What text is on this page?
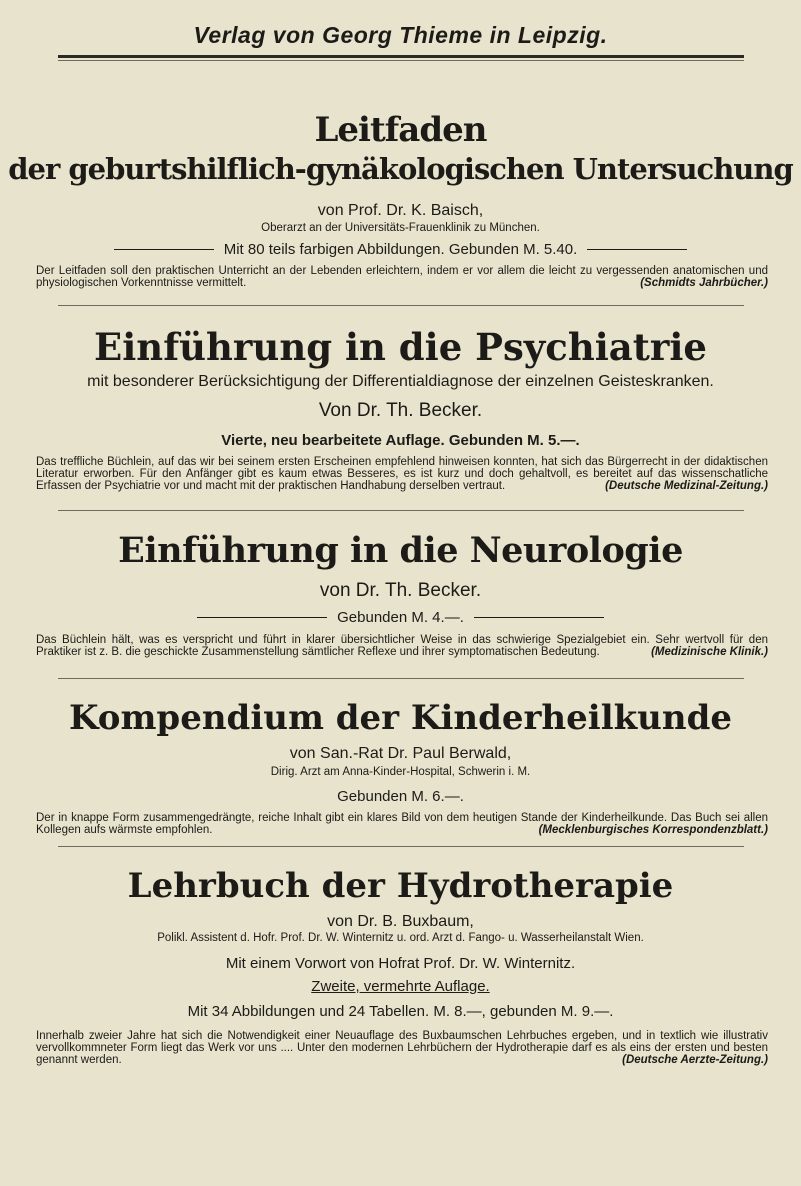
Verlag von Georg Thieme in Leipzig.
Leitfaden
der geburtshilflich-gynäkologischen Untersuchung
von Prof. Dr. K. Baisch,
Oberarzt an der Universitäts-Frauenklinik zu München.
Mit 80 teils farbigen Abbildungen. Gebunden M. 5.40.
Der Leitfaden soll den praktischen Unterricht an der Lebenden erleichtern, indem er vor allem die leicht zu vergessenden anatomischen und physiologischen Vorkenntnisse vermittelt.	(Schmidts Jahrbücher.)
Einführung in die Psychiatrie
mit besonderer Berücksichtigung der Differentialdiagnose der einzelnen Geisteskranken.
Von Dr. Th. Becker.
Vierte, neu bearbeitete Auflage. Gebunden M. 5.—.
Das treffliche Büchlein, auf das wir bei seinem ersten Erscheinen empfehlend hinweisen konnten, hat sich das Bürgerrecht in der didaktischen Literatur erworben. Für den Anfänger gibt es kaum etwas Besseres, es ist kurz und doch gehaltvoll, es bereitet auf das wissenschatliche Erfassen der Psychiatrie vor und macht mit der praktischen Handhabung derselben vertraut.	(Deutsche Medizinal-Zeitung.)
Einführung in die Neurologie
von Dr. Th. Becker.
Gebunden M. 4.—.
Das Büchlein hält, was es verspricht und führt in klarer übersichtlicher Weise in das schwierige Spezialgebiet ein. Sehr wertvoll für den Praktiker ist z. B. die geschickte Zusammenstellung sämtlicher Reflexe und ihrer symptomatischen Bedeutung.	(Medizinische Klinik.)
Kompendium der Kinderheilkunde
von San.-Rat Dr. Paul Berwald,
Dirig. Arzt am Anna-Kinder-Hospital, Schwerin i. M.
Gebunden M. 6.—.
Der in knappe Form zusammengedrängte, reiche Inhalt gibt ein klares Bild von dem heutigen Stande der Kinderheilkunde. Das Buch sei allen Kollegen aufs wärmste empfohlen.	(Mecklenburgisches Korrespondenzblatt.)
Lehrbuch der Hydrotherapie
von Dr. B. Buxbaum,
Polikl. Assistent d. Hofr. Prof. Dr. W. Winternitz u. ord. Arzt d. Fango- u. Wasserheilanstalt Wien.
Mit einem Vorwort von Hofrat Prof. Dr. W. Winternitz.
Zweite, vermehrte Auflage.
Mit 34 Abbildungen und 24 Tabellen. M. 8.—, gebunden M. 9.—.
Innerhalb zweier Jahre hat sich die Notwendigkeit einer Neuauflage des Buxbaumschen Lehrbuches ergeben, und in textlich wie illustrativ vervollkommneter Form liegt das Werk vor uns .... Unter den modernen Lehrbüchern der Hydrotherapie darf es als eins der ersten und besten genannt werden.	(Deutsche Aerzte-Zeitung.)
